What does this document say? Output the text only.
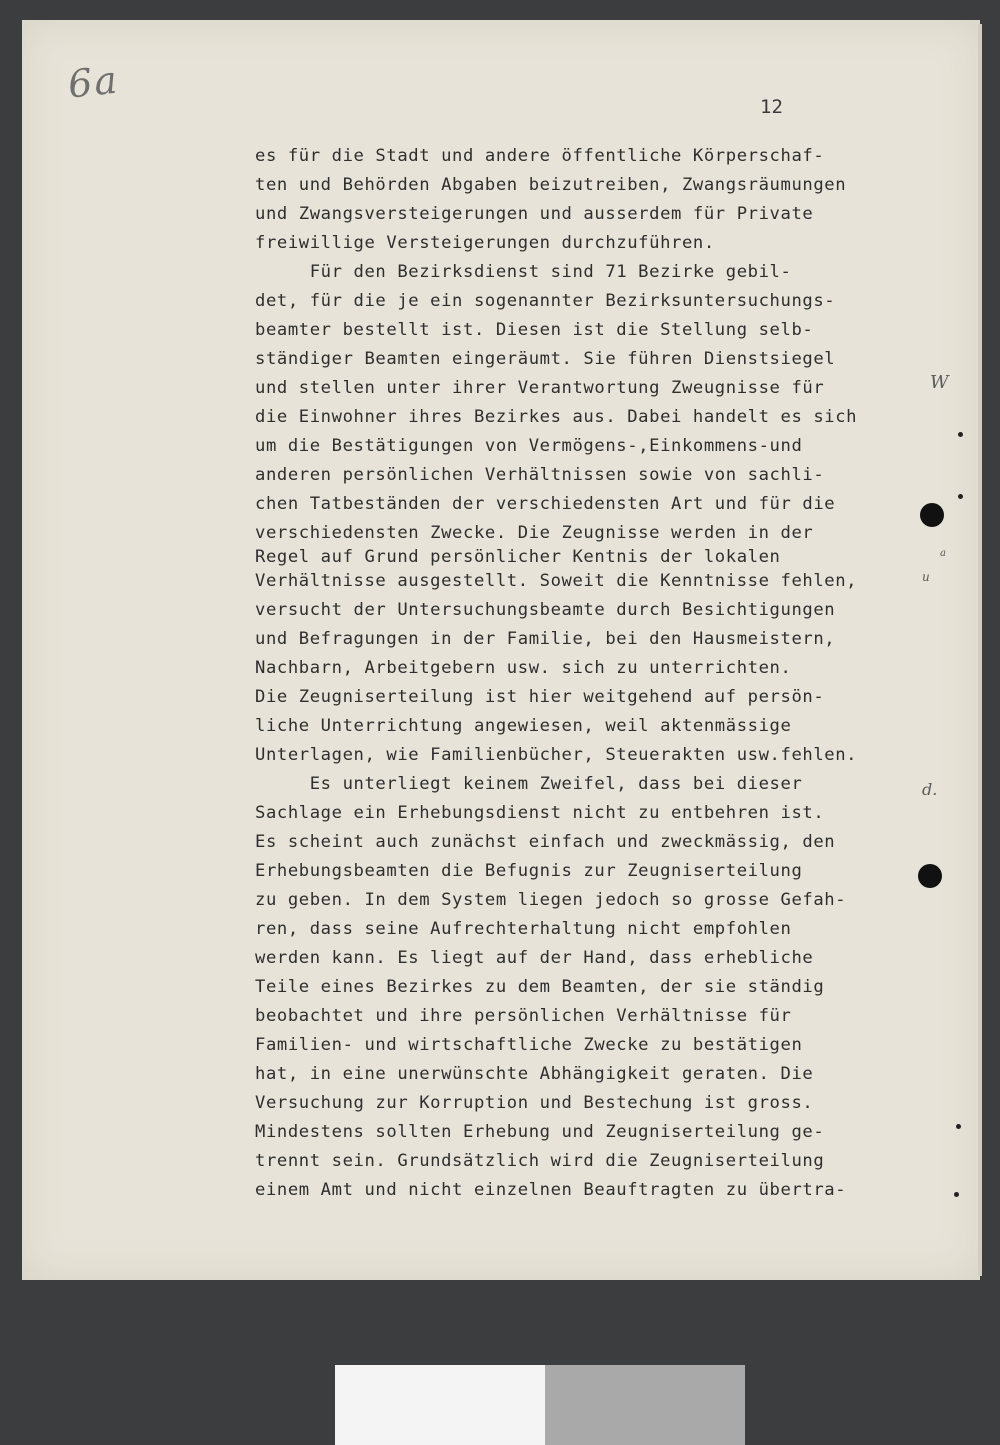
6a
12
es für die Stadt und andere öffentliche Körperschaf-
ten und Behörden Abgaben beizutreiben, Zwangsräumungen
und Zwangsversteigerungen und ausserdem für Private
freiwillige Versteigerungen durchzuführen.
Für den Bezirksdienst sind 71 Bezirke gebil-
det, für die je ein sogenannter Bezirksuntersuchungs-
beamter bestellt ist. Diesen ist die Stellung selb-
ständiger Beamten eingeräumt. Sie führen Dienstsiegel
und stellen unter ihrer Verantwortung Zweugnisse für
die Einwohner ihres Bezirkes aus. Dabei handelt es sich
um die Bestätigungen von Vermögens-,Einkommens-und
anderen persönlichen Verhältnissen sowie von sachli-
chen Tatbeständen der verschiedensten Art und für die
verschiedensten Zwecke. Die Zeugnisse werden in der
Regel auf Grund persönlicher Kentnis der lokalen
Verhältnisse ausgestellt. Soweit die Kenntnisse fehlen,
versucht der Untersuchungsbeamte durch Besichtigungen
und Befragungen in der Familie, bei den Hausmeistern,
Nachbarn, Arbeitgebern usw. sich zu unterrichten.
Die Zeugniserteilung ist hier weitgehend auf persön-
liche Unterrichtung angewiesen, weil aktenmässige
Unterlagen, wie Familienbücher, Steuerakten usw.fehlen.
Es unterliegt keinem Zweifel, dass bei dieser
Sachlage ein Erhebungsdienst nicht zu entbehren ist.
Es scheint auch zunächst einfach und zweckmässig, den
Erhebungsbeamten die Befugnis zur Zeugniserteilung
zu geben. In dem System liegen jedoch so grosse Gefah-
ren, dass seine Aufrechterhaltung nicht empfohlen
werden kann. Es liegt auf der Hand, dass erhebliche
Teile eines Bezirkes zu dem Beamten, der sie ständig
beobachtet und ihre persönlichen Verhältnisse für
Familien- und wirtschaftliche Zwecke zu bestätigen
hat, in eine unerwünschte Abhängigkeit geraten. Die
Versuchung zur Korruption und Bestechung ist gross.
Mindestens sollten Erhebung und Zeugniserteilung ge-
trennt sein. Grundsätzlich wird die Zeugniserteilung
einem Amt und nicht einzelnen Beauftragten zu übertra-
W
d.
u
a
